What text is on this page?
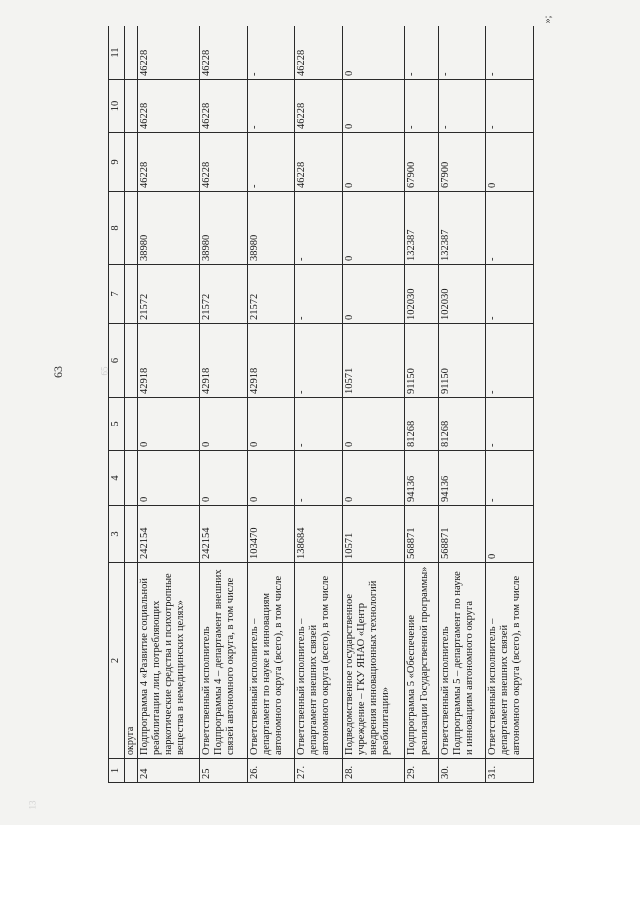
65
13
63
»;
1	2	3	4	5	6	7	8	9	10	11
	округа									
24	Подпрограмма 4 «Развитие социальной реабилитации лиц, потребляющих наркотические средства и психотропные вещества в немедицинских целях»	242154	0	0	42918	21572	38980	46228	46228	46228
25	Ответственный исполнитель Подпрограммы 4 – департамент внешних связей автономного округа, в том числе	242154	0	0	42918	21572	38980	46228	46228	46228
26.	Ответственный исполнитель – департамент по науке и инновациям автономного округа (всего), в том числе	103470	0	0	42918	21572	38980	-	-	-
27.	Ответственный исполнитель – департамент внешних связей автономного округа (всего), в том числе	138684	-	-	-	-	-	46228	46228	46228
28.	Подведомственное государственное учреждение – ГКУ ЯНАО «Центр внедрения инновационных технологий реабилитации»	10571	0	0	10571	0	0	0	0	0
29.	Подпрограмма 5 «Обеспечение реализации Государственной программы»	568871	94136	81268	91150	102030	132387	67900	-	-
30.	Ответственный исполнитель Подпрограммы 5 – департамент по науке и инновациям автономного округа	568871	94136	81268	91150	102030	132387	67900	-	-
31.	Ответственный исполнитель – департамент внешних связей автономного округа (всего), в том числе	0	-	-	-	-	-	0	-	-
